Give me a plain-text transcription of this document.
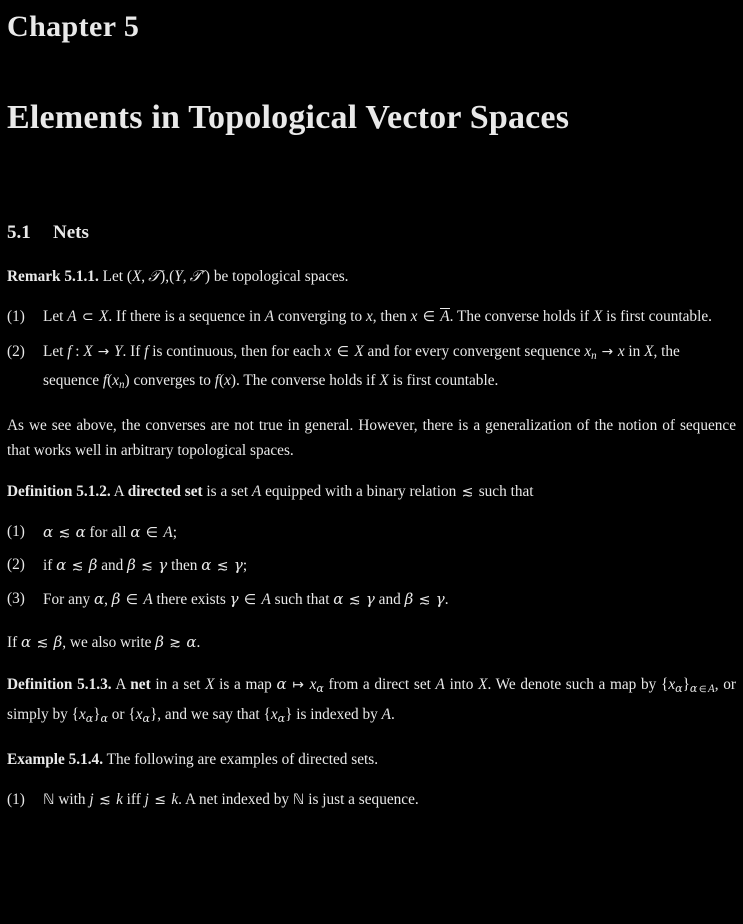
Chapter 5
Elements in Topological Vector Spaces
5.1 Nets

Remark 5.1.1. Let (X,  𝒯),(Y,  𝒯′) be topological spaces.

(1)	Let A ⊂ X. If there is a sequence in A converging to x, then x ∈ A. The converse holds if X is first countable.
(2)	Let f : X → Y. If f is continuous, then for each x ∈ X and for every convergent sequence $x_n \to x$ in X, the sequence $f(x_n)$ converges to f(x). The converse holds if X is first countable.

As we see above, the converses are not true in general. However, there is a generalization of the notion of sequence that works well in arbitrary topological spaces.

Definition 5.1.2. A directed set is a set A equipped with a binary relation ≲ such that

(1)	α ≲ α for all α ∈ A;
(2)	if α ≲ β and β ≲ γ then α ≲ γ;
(3)	For any α, β ∈ A there exists γ ∈ A such that α ≲ γ and β ≲ γ.

If α ≲ β, we also write β ≳ α.

Definition 5.1.3. A net in a set X is a map α ↦ $x_\alpha$ from a direct set A into X. We denote such a map by $\{x_\alpha\}_{\alpha \in A}$, or simply by $\{x_\alpha\}_\alpha$ or $\{x_\alpha\}$, and we say that $\{x_\alpha\}$ is indexed by A.

Example 5.1.4. The following are examples of directed sets.

(1)	ℕ with j ≲ k iff j ≤ k. A net indexed by ℕ is just a sequence.
